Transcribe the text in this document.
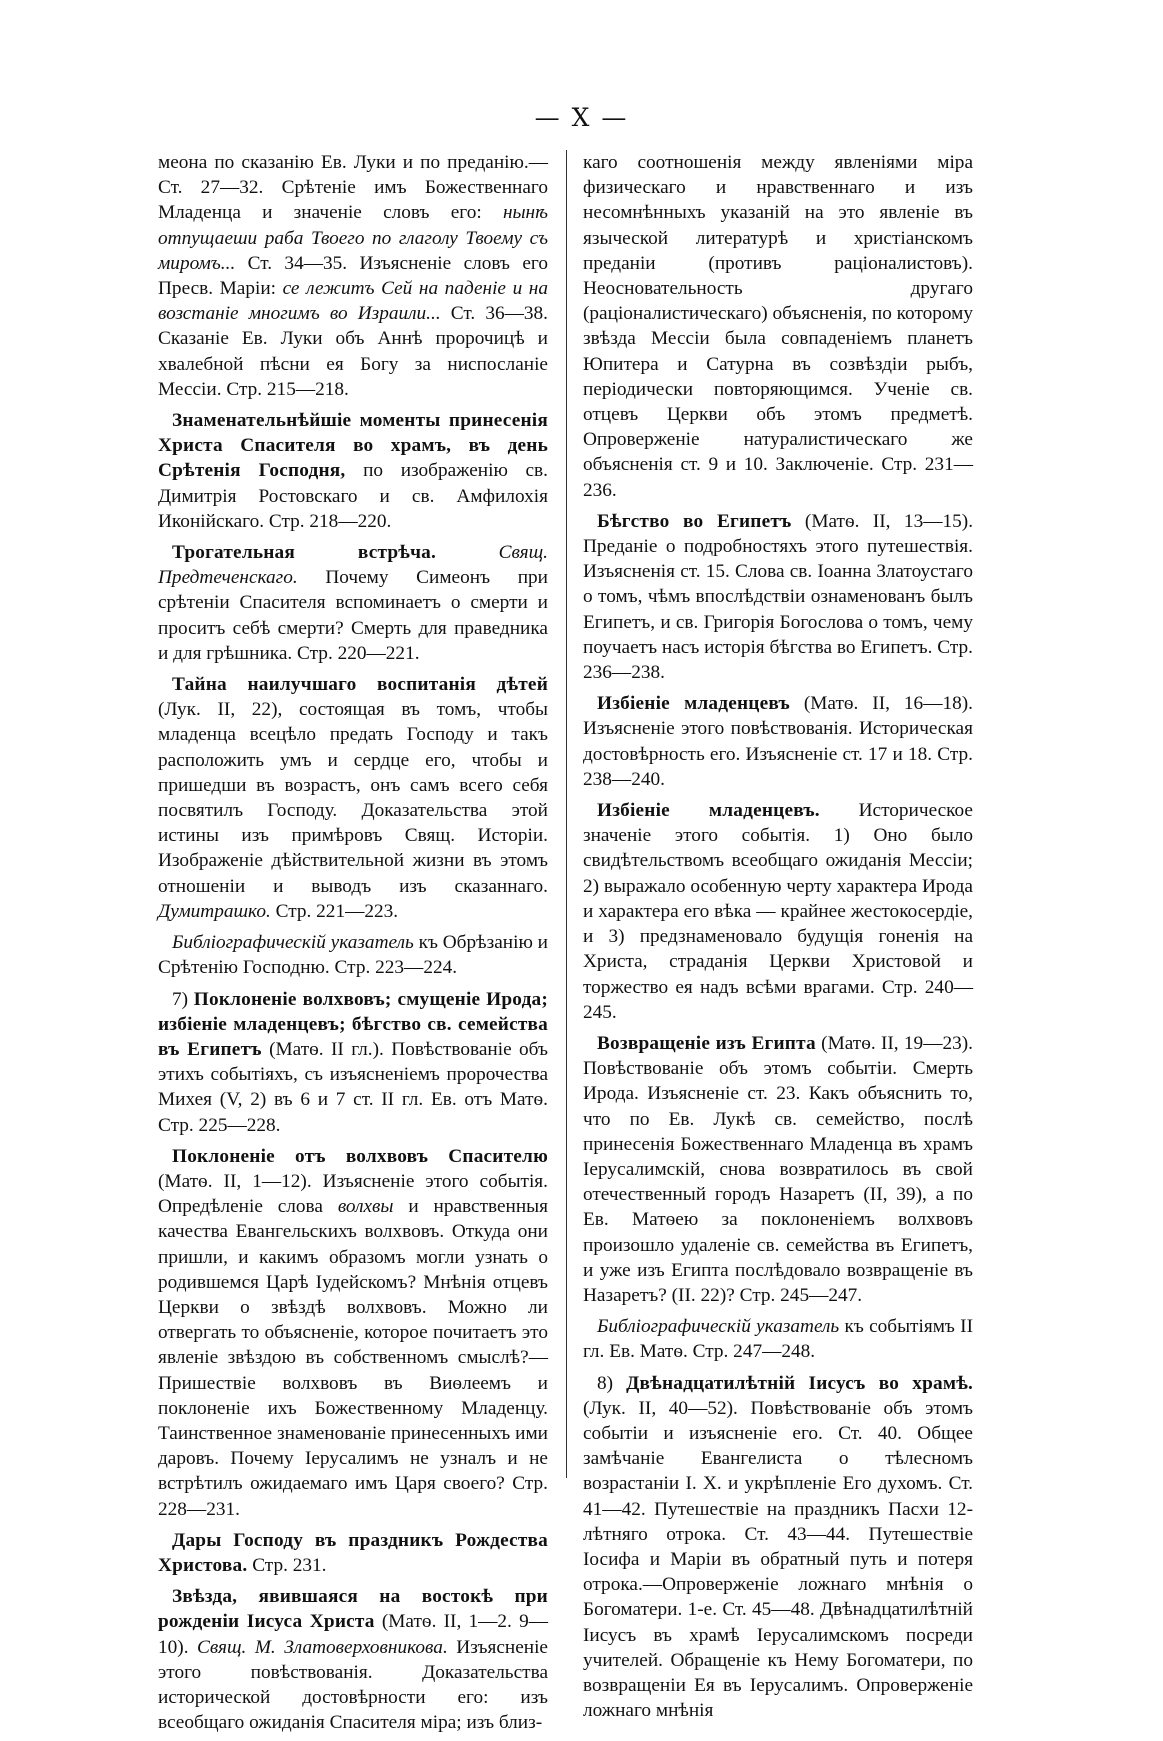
— X —

меона по сказанію Ев. Луки и по преданію.— Ст. 27—32. Срѣтеніе имъ Божественнаго Младенца и значеніе словъ его: нынѣ отпущаеши раба Твоего по глаголу Твоему съ миромъ... Ст. 34—35. Изъясненіе словъ его Пресв. Маріи: се лежитъ Сей на паденіе и на возстаніе многимъ во Израили... Ст. 36—38. Сказаніе Ев. Луки объ Аннѣ пророчицѣ и хвалебной пѣсни ея Богу за ниспосланіе Мессіи. Стр. 215—218.

Знаменательнѣйшіе моменты принесенія Христа Спасителя во храмъ, въ день Срѣтенія Господня, по изображенію св. Димитрія Ростовскаго и св. Амфилохія Иконійскаго. Стр. 218—220.

Трогательная встрѣча.	Свящ. Предтеченскаго. Почему Симеонъ при срѣтеніи Спасителя вспоминаетъ о смерти и проситъ себѣ смерти? Смерть для праведника и для грѣшника. Стр. 220—221.

Тайна наилучшаго воспитанія дѣтей (Лук. II, 22), состоящая въ томъ, чтобы младенца всецѣло предать Господу и такъ расположить умъ и сердце его, чтобы и пришедши въ возрастъ, онъ самъ всего себя посвятилъ Господу. Доказательства этой истины изъ примѣровъ Свящ. Исторіи. Изображеніе дѣйствительной жизни въ этомъ отношеніи и выводъ изъ сказаннаго. Думитрашко. Стр. 221—223.

Библіографическій указатель къ Обрѣзанію и Срѣтенію Господню. Стр. 223—224.

7) Поклоненіе волхвовъ; смущеніе Ирода; избіеніе младенцевъ; бѣгство св. семейства въ Египетъ (Матѳ. II гл.). Повѣствованіе объ этихъ событіяхъ, съ изъясненіемъ пророчества Михея (V, 2) въ 6 и 7 ст. II гл. Ев. отъ Матѳ. Стр. 225—228.

Поклоненіе отъ волхвовъ Спасителю (Матѳ. II, 1—12). Изъясненіе этого событія. Опредѣленіе слова волхвы и нравственныя качества Евангельскихъ волхвовъ. Откуда они пришли, и какимъ образомъ могли узнать о родившемся Царѣ Іудейскомъ? Мнѣнія отцевъ Церкви о звѣздѣ волхвовъ. Можно ли отвергать то объясненіе, которое почитаетъ это явленіе звѣздою въ собственномъ смыслѣ?—Пришествіе волхвовъ въ Виѳлеемъ и поклоненіе ихъ Божественному Младенцу. Таинственное знаменованіе принесенныхъ ими даровъ. Почему Іерусалимъ не узналъ и не встрѣтилъ ожидаемаго имъ Царя своего? Стр. 228—231.

Дары Господу въ праздникъ Рождества Христова. Стр. 231.

Звѣзда, явившаяся на востокѣ при рожденіи Іисуса Христа (Матѳ. II, 1—2. 9—10). Свящ. М. Златоверховникова. Изъясненіе этого повѣствованія. Доказательства исторической достовѣрности его: изъ всеобщаго ожиданія Спасителя міра; изъ близ-

каго соотношенія между явленіями міра физическаго и нравственнаго и изъ несомнѣнныхъ указаній на это явленіе въ языческой литературѣ и христіанскомъ преданіи (противъ раціоналистовъ). Неосновательность другаго (раціоналистическаго) объясненія, по которому звѣзда Мессіи была совпаденіемъ планетъ Юпитера и Сатурна въ созвѣздіи рыбъ, періодически повторяющимся. Ученіе св. отцевъ Церкви объ этомъ предметѣ. Опроверженіе натуралистическаго же объясненія ст. 9 и 10. Заключеніе. Стр. 231—236.

Бѣгство во Египетъ (Матѳ. II, 13—15). Преданіе о подробностяхъ этого путешествія. Изъясненія ст. 15. Слова св. Іоанна Златоустаго о томъ, чѣмъ впослѣдствіи ознаменованъ былъ Египетъ, и св. Григорія Богослова о томъ, чему поучаетъ насъ исторія бѣгства во Египетъ. Стр. 236—238.

Избіеніе младенцевъ (Матѳ. II, 16—18). Изъясненіе этого повѣствованія. Историческая достовѣрность его. Изъясненіе ст. 17 и 18. Стр. 238—240.

Избіеніе младенцевъ. Историческое значеніе этого событія. 1) Оно было свидѣтельствомъ всеобщаго ожиданія Мессіи; 2) выражало особенную черту характера Ирода и характера его вѣка — крайнее жестокосердіе, и 3) предзнаменовало будущія гоненія на Христа, страданія Церкви Христовой и торжество ея надъ всѣми врагами. Стр. 240—245.

Возвращеніе изъ Египта (Матѳ. II, 19—23). Повѣствованіе объ этомъ событіи. Смерть Ирода. Изъясненіе ст. 23. Какъ объяснить то, что по Ев. Лукѣ св. семейство, послѣ принесенія Божественнаго Младенца въ храмъ Іерусалимскій, снова возвратилось въ свой отечественный городъ Назаретъ (II, 39), а по Ев. Матѳею за поклоненіемъ волхвовъ произошло удаленіе св. семейства въ Египетъ, и уже изъ Египта послѣдовало возвращеніе въ Назаретъ? (II. 22)? Стр. 245—247.

Библіографическій указатель къ событіямъ II гл. Ев. Матѳ. Стр. 247—248.

8) Двѣнадцатилѣтній Іисусъ во храмѣ. (Лук. II, 40—52). Повѣствованіе объ этомъ событіи и изъясненіе его. Ст. 40. Общее замѣчаніе Евангелиста о тѣлесномъ возрастаніи І. Х. и укрѣпленіе Его духомъ. Ст. 41—42. Путешествіе на праздникъ Пасхи 12-лѣтняго отрока. Ст. 43—44. Путешествіе Іосифа и Маріи въ обратный путь и потеря отрока.—Опроверженіе ложнаго мнѣнія о Богоматери. 1-е. Ст. 45—48. Двѣнадцатилѣтній Іисусъ въ храмѣ Іерусалимскомъ посреди учителей. Обращеніе къ Нему Богоматери, по возвращеніи Ея въ Іерусалимъ. Опроверженіе ложнаго мнѣнія
